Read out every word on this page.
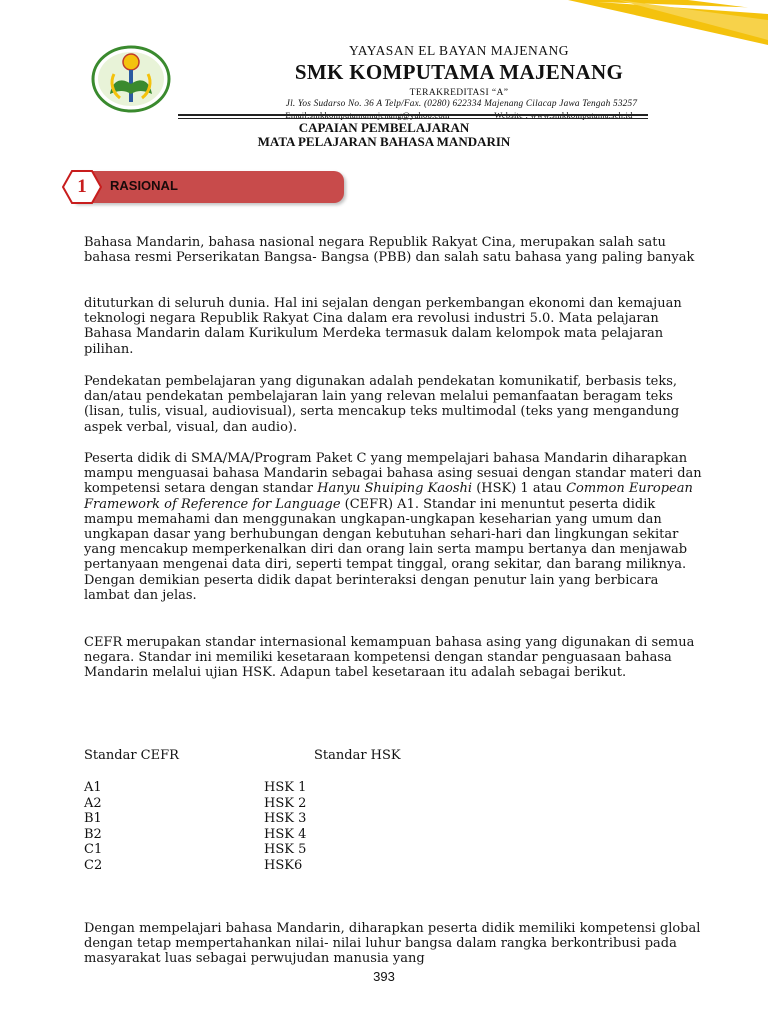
YAYASAN EL BAYAN MAJENANG
SMK KOMPUTAMA MAJENANG
TERAKREDITASI “A”
Jl. Yos Sudarso No. 36 A Telp/Fax. (0280) 622334 Majenang Cilacap Jawa Tengah 53257
Email:smkkomputamamajenang@yahoo.com	Website : www.smkkomputama.sch.id
CAPAIAN PEMBELAJARAN
MATA PELAJARAN BAHASA MANDARIN
1	RASIONAL

Bahasa Mandarin, bahasa nasional negara Republik Rakyat Cina, merupakan salah satu bahasa resmi Perserikatan Bangsa- Bangsa (PBB) dan salah satu bahasa yang paling banyak

dituturkan di seluruh dunia. Hal ini sejalan dengan perkembangan ekonomi dan kemajuan teknologi negara Republik Rakyat Cina dalam era revolusi industri 5.0. Mata pelajaran Bahasa Mandarin dalam Kurikulum Merdeka termasuk dalam kelompok mata pelajaran pilihan.

Pendekatan pembelajaran yang digunakan adalah pendekatan komunikatif, berbasis teks, dan/atau pendekatan pembelajaran lain yang relevan melalui pemanfaatan beragam teks (lisan, tulis, visual, audiovisual), serta mencakup teks multimodal (teks yang mengandung aspek verbal, visual, dan audio).

Peserta didik di SMA/MA/Program Paket C yang mempelajari bahasa Mandarin diharapkan mampu menguasai bahasa Mandarin sebagai bahasa asing sesuai dengan standar materi dan kompetensi setara dengan standar Hanyu Shuiping Kaoshi (HSK) 1 atau Common European Framework of Reference for Language (CEFR) A1. Standar ini menuntut peserta didik mampu memahami dan menggunakan ungkapan-ungkapan keseharian yang umum dan ungkapan dasar yang berhubungan dengan kebutuhan sehari-hari dan lingkungan sekitar yang mencakup memperkenalkan diri dan orang lain serta mampu bertanya dan menjawab pertanyaan mengenai data diri, seperti tempat tinggal, orang sekitar, dan barang miliknya. Dengan demikian peserta didik dapat berinteraksi dengan penutur lain yang berbicara lambat dan jelas.

CEFR merupakan standar internasional kemampuan bahasa asing yang digunakan di semua negara. Standar ini memiliki kesetaraan kompetensi dengan standar penguasaan bahasa Mandarin melalui ujian HSK. Adapun tabel kesetaraan itu adalah sebagai berikut.

Dengan mempelajari bahasa Mandarin, diharapkan peserta didik memiliki kompetensi global dengan tetap mempertahankan nilai- nilai luhur bangsa dalam rangka berkontribusi pada masyarakat luas sebagai perwujudan manusia yang

Standar CEFR	Standar HSK
A1	HSK 1
A2	HSK 2
B1	HSK 3
B2	HSK 4
C1	HSK 5
C2	HSK6
393
